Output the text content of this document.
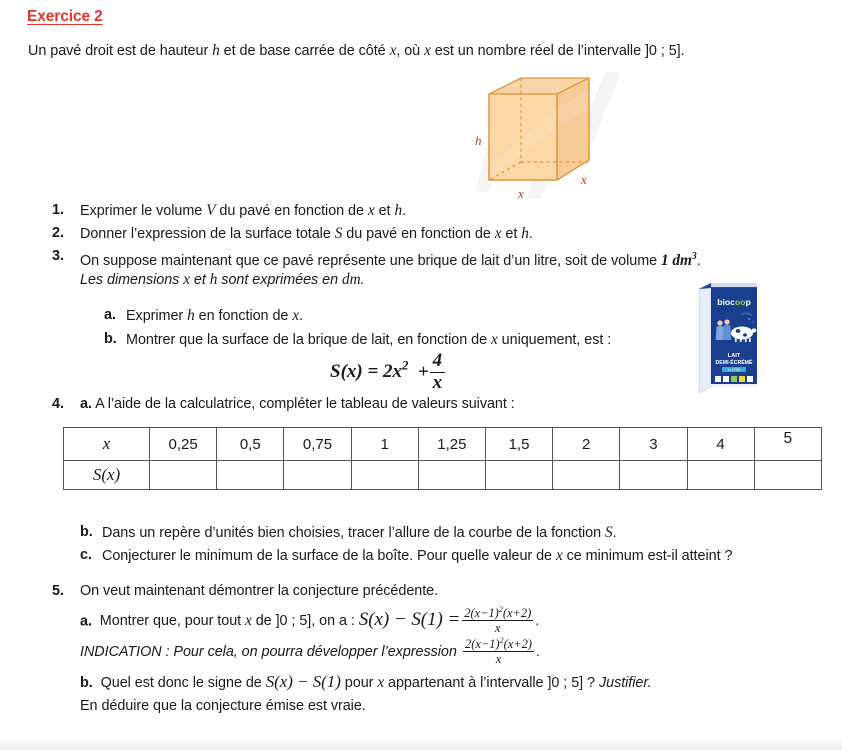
Exercice 2
Un pavé droit est de hauteur h et de base carrée de côté x, où x est un nombre réel de l’intervalle ]0 ; 5].
h
x
x
1.	Exprimer le volume V du pavé en fonction de x et h.
2.	Donner l’expression de la surface totale S du pavé en fonction de x et h.
3.	On suppose maintenant que ce pavé représente une brique de lait d’un litre, soit de volume 1 $dm^3$.
Les dimensions x et h sont exprimées en dm.
a. Exprimer h en fonction de x.
b. Montrer que la surface de la brique de lait, en fonction de x uniquement, est :
biocoop
LAIT
DEMI-ÉCRÉMÉ
1 LITRE
$S(x) = 2x^2 + \frac{4}{x}$
4.	a. A l’aide de la calculatrice, compléter le tableau de valeurs suivant :
x	0,25	0,5	0,75	1	1,25	1,5	2	3	4	5
S(x)										
b. Dans un repère d’unités bien choisies, tracer l’allure de la courbe de la fonction S.
c. Conjecturer le minimum de la surface de la boîte. Pour quelle valeur de x ce minimum est-il atteint ?
5.	On veut maintenant démontrer la conjecture précédente.
a.  Montrer que, pour tout x de ]0 ; 5], on a : $S(x) - S(1) = \frac{2(x-1)^2(x+2)}{x}$ .
INDICATION : Pour cela, on pourra développer l’expression $\frac{2(x-1)^2(x+2)}{x}$ .
b.  Quel est donc le signe de S(x) − S(1) pour x appartenant à l’intervalle ]0 ; 5] ? Justifier.
En déduire que la conjecture émise est vraie.
